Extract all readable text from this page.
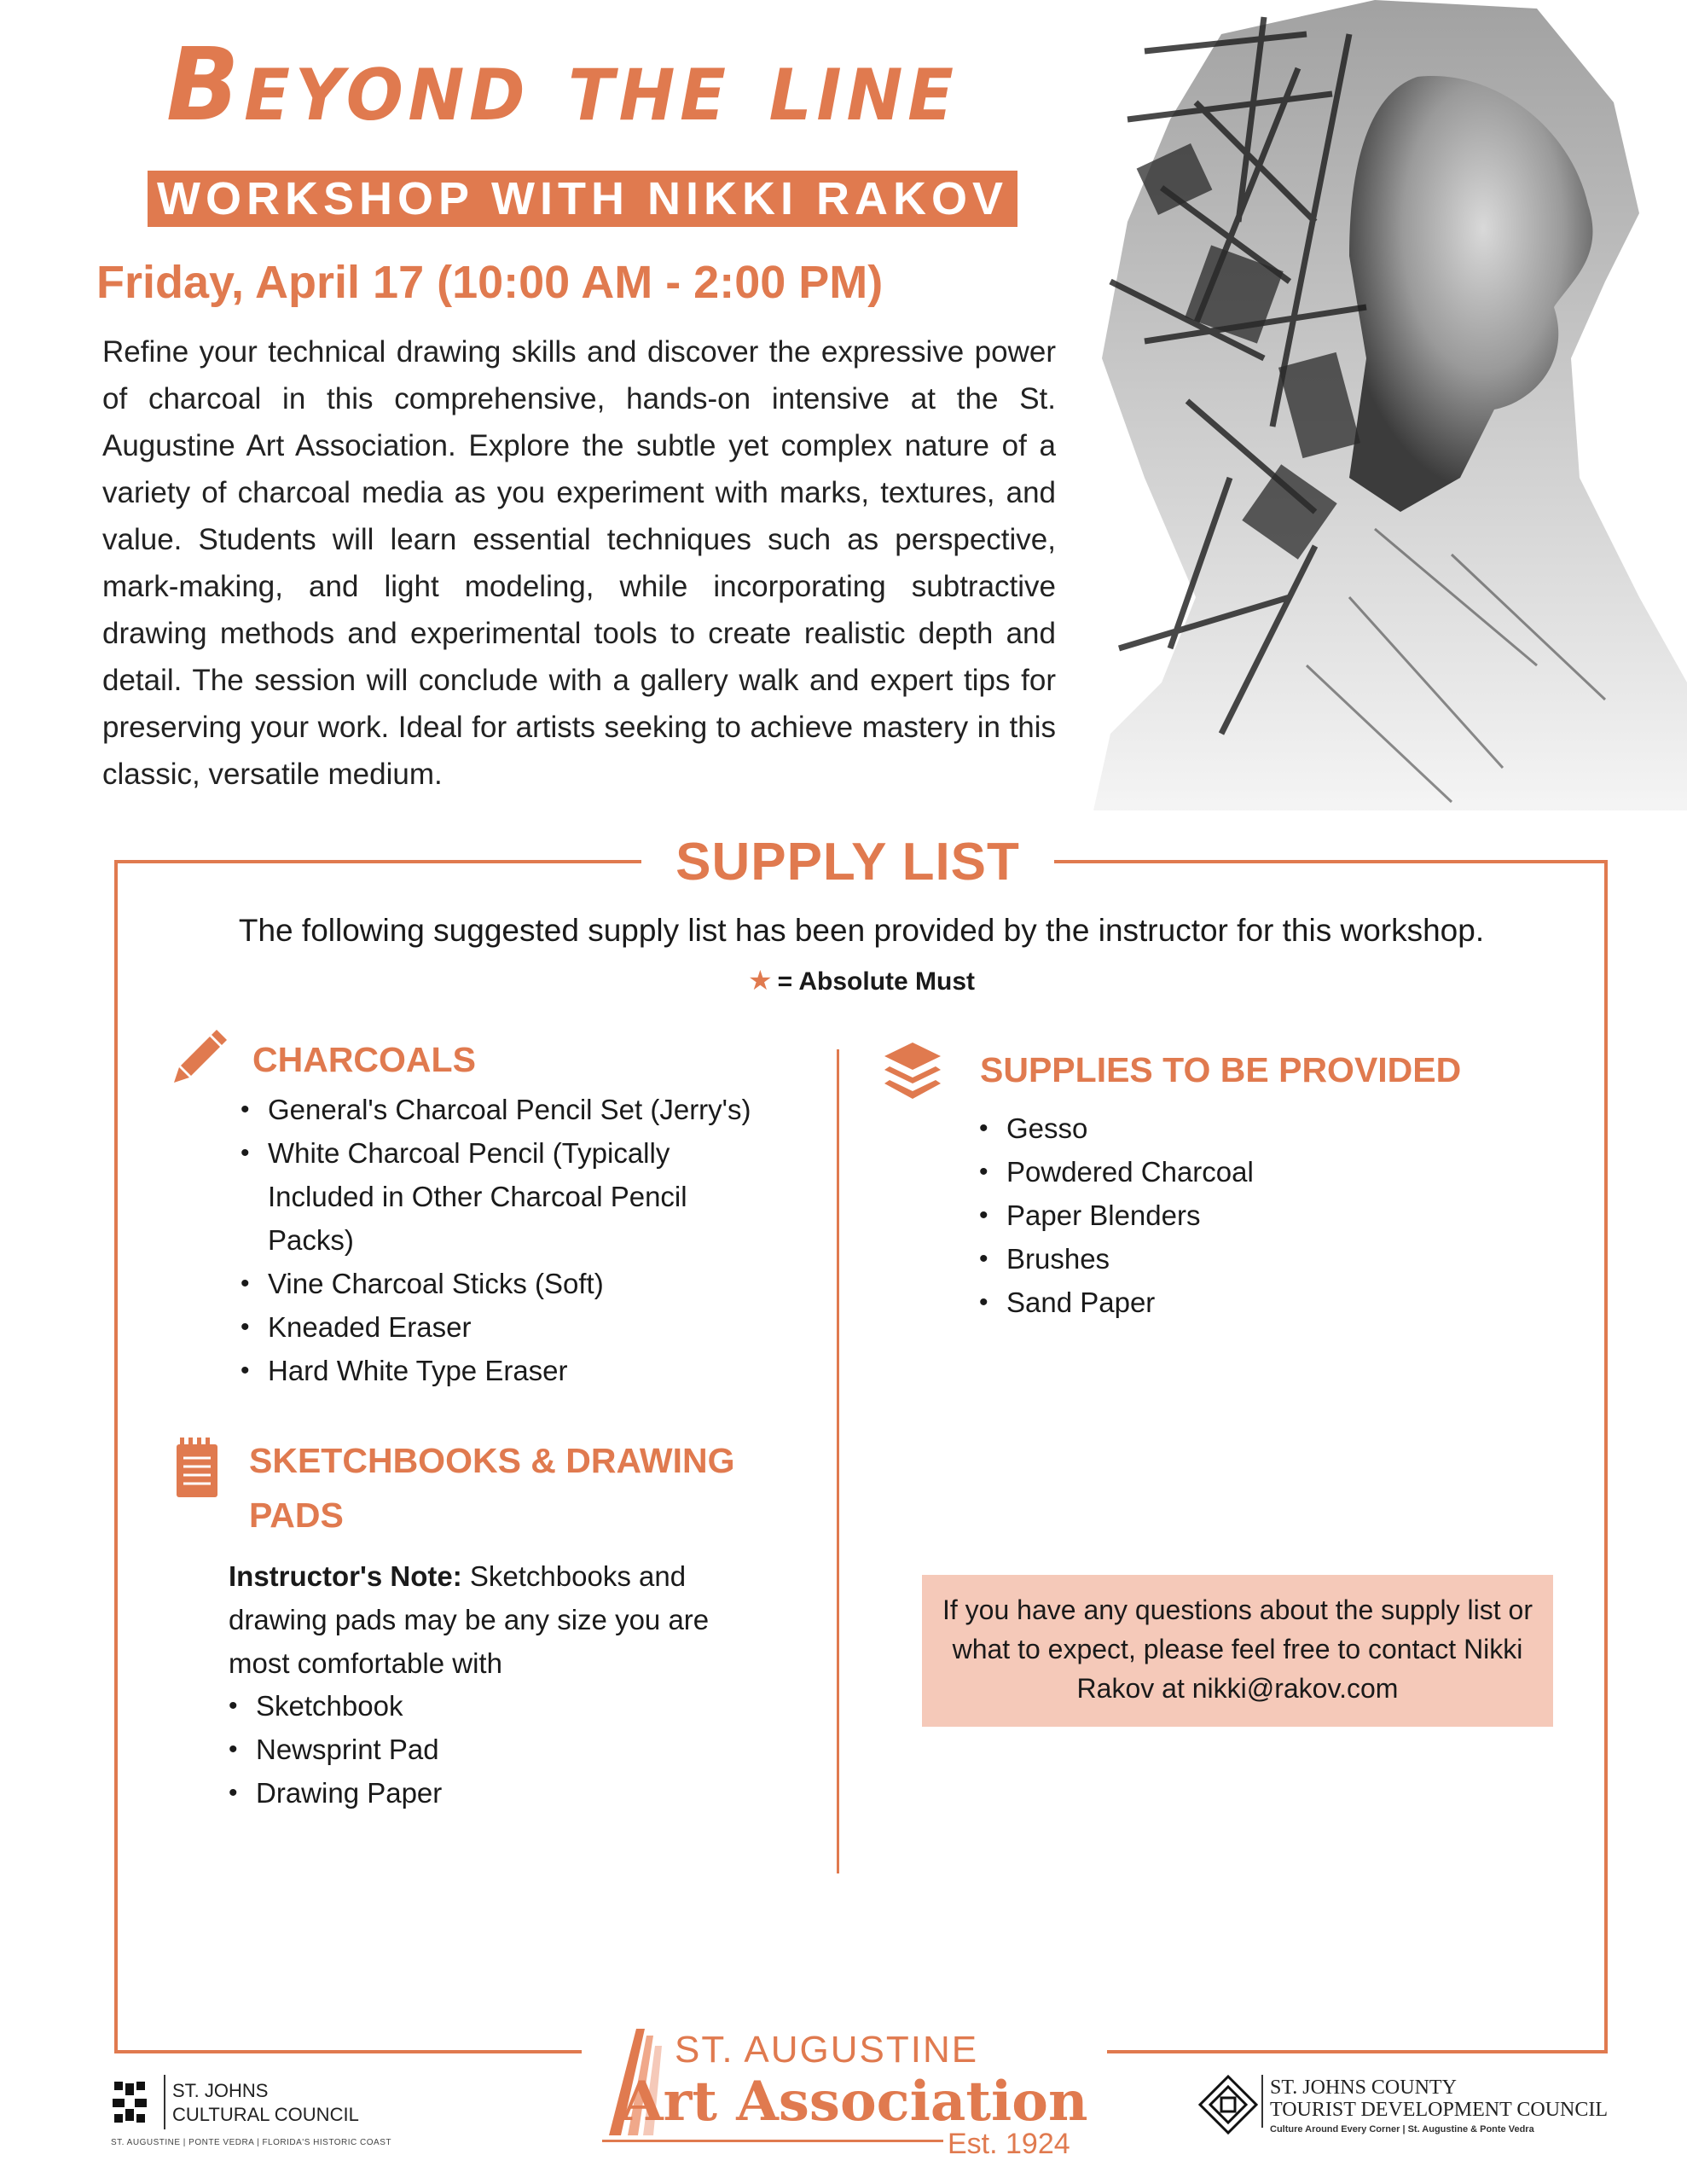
Beyond the line
WORKSHOP WITH NIKKI RAKOV
Friday, April 17 (10:00 AM - 2:00 PM)
Refine your technical drawing skills and discover the expressive power of charcoal in this comprehensive, hands-on intensive at the St. Augustine Art Association. Explore the subtle yet complex nature of a variety of charcoal media as you experiment with marks, textures, and value. Students will learn essential techniques such as perspective, mark-making, and light modeling, while incorporating subtractive drawing methods and experimental tools to create realistic depth and detail. The session will conclude with a gallery walk and expert tips for preserving your work. Ideal for artists seeking to achieve mastery in this classic, versatile medium.
SUPPLY LIST
The following suggested supply list has been provided by the instructor for this workshop.
★ = Absolute Must
CHARCOALS
• General's Charcoal Pencil Set (Jerry's)
• White Charcoal Pencil (Typically Included in Other Charcoal Pencil Packs)
• Vine Charcoal Sticks (Soft)
• Kneaded Eraser
• Hard White Type Eraser
SKETCHBOOKS & DRAWING PADS
Instructor's Note: Sketchbooks and drawing pads may be any size you are most comfortable with
• Sketchbook
• Newsprint Pad
• Drawing Paper
SUPPLIES TO BE PROVIDED
• Gesso
• Powdered Charcoal
• Paper Blenders
• Brushes
• Sand Paper
If you have any questions about the supply list or what to expect, please feel free to contact Nikki Rakov at nikki@rakov.com
ST. JOHNS
CULTURAL COUNCIL
ST. AUGUSTINE | PONTE VEDRA | FLORIDA'S HISTORIC COAST
ST. AUGUSTINE
Art Association
Est. 1924
ST. JOHNS COUNTY
TOURIST DEVELOPMENT COUNCIL
Culture Around Every Corner | St. Augustine & Ponte Vedra
